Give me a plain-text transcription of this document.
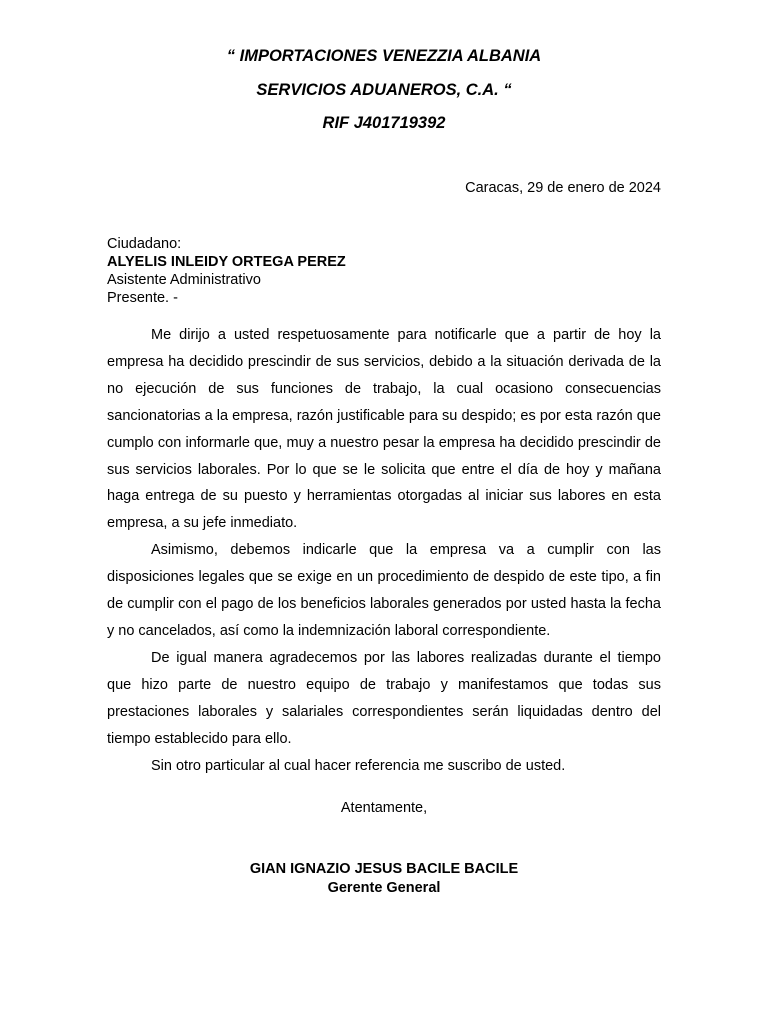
“ IMPORTACIONES VENEZZIA ALBANIA
SERVICIOS ADUANEROS, C.A. “
RIF J401719392
Caracas, 29 de enero de 2024
Ciudadano:
ALYELIS INLEIDY ORTEGA PEREZ
Asistente Administrativo
Presente. -

Me dirijo a usted respetuosamente para notificarle que a partir de hoy la empresa ha decidido prescindir de sus servicios, debido a la situación derivada de la no ejecución de sus funciones de trabajo, la cual ocasiono consecuencias sancionatorias a la empresa, razón justificable para su despido; es por esta razón que cumplo con informarle que, muy a nuestro pesar la empresa ha decidido prescindir de sus servicios laborales. Por lo que se le solicita que entre el día de hoy y mañana haga entrega de su puesto y herramientas otorgadas al iniciar sus labores en esta empresa, a su jefe inmediato.

Asimismo, debemos indicarle que la empresa va a cumplir con las disposiciones legales que se exige en un procedimiento de despido de este tipo, a fin de cumplir con el pago de los beneficios laborales generados por usted hasta la fecha y no cancelados, así como la indemnización laboral correspondiente.

De igual manera agradecemos por las labores realizadas durante el tiempo que hizo parte de nuestro equipo de trabajo y manifestamos que todas sus prestaciones laborales y salariales correspondientes serán liquidadas dentro del tiempo establecido para ello.

Sin otro particular al cual hacer referencia me suscribo de usted.

Atentamente,
GIAN IGNAZIO JESUS BACILE BACILE
Gerente General
